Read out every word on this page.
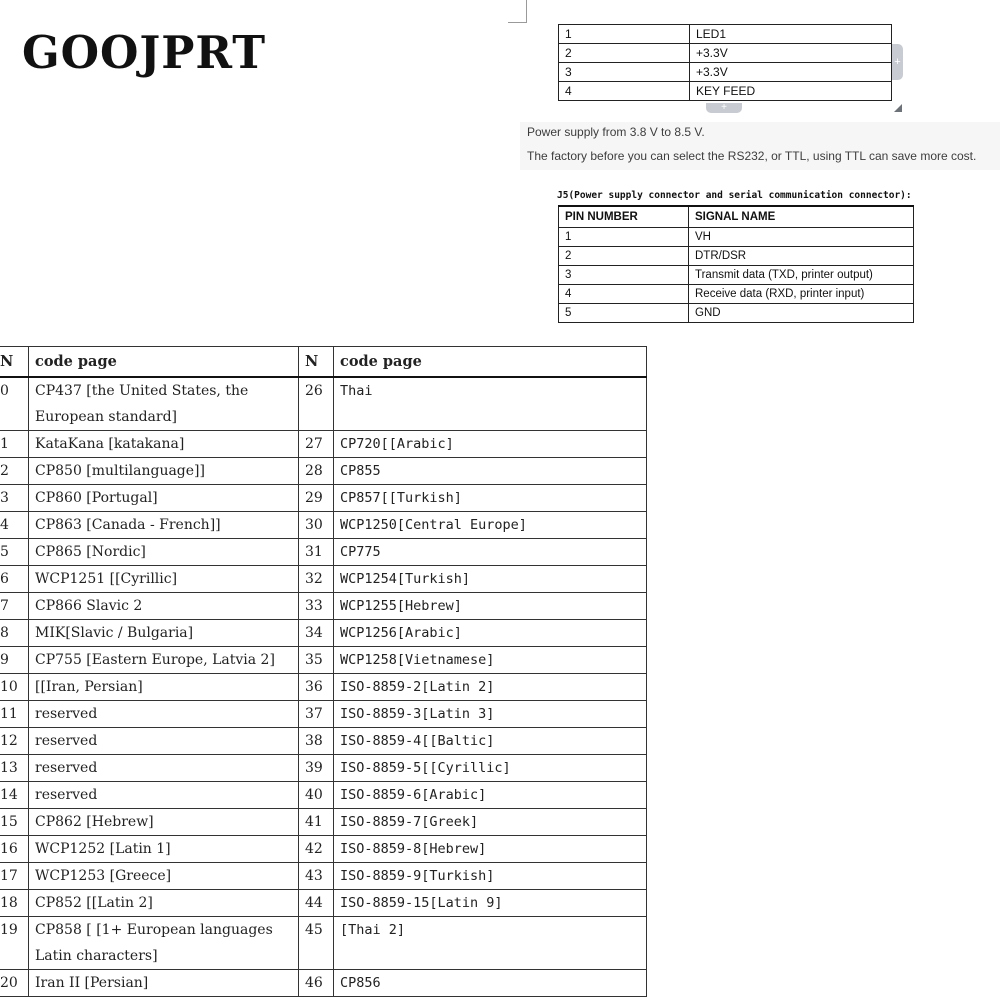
GOOJPRT	1	LED1
2	+3.3V
3	+3.3V
4	KEY FEED
+
+
Power supply from 3.8 V to 8.5 V.
The factory before you can select the RS232, or TTL, using TTL can save more cost.
J5(Power supply connector and serial communication connector):
PIN NUMBER	SIGNAL NAME
1	VH
2	DTR/DSR
3	Transmit data (TXD, printer output)
4	Receive data (RXD, printer input)
5	GND
N	code page	N	code page
0	CP437 [the United States, the European standard]	26	Thai
1	KataKana [katakana]	27	CP720[[Arabic]
2	CP850 [multilanguage]]	28	CP855
3	CP860 [Portugal]	29	CP857[[Turkish]
4	CP863 [Canada - French]]	30	WCP1250[Central Europe]
5	CP865 [Nordic]	31	CP775
6	WCP1251 [[Cyrillic]	32	WCP1254[Turkish]
7	CP866 Slavic 2	33	WCP1255[Hebrew]
8	MIK[Slavic / Bulgaria]	34	WCP1256[Arabic]
9	CP755 [Eastern Europe, Latvia 2]	35	WCP1258[Vietnamese]
10	[[Iran, Persian]	36	ISO-8859-2[Latin 2]
11	reserved	37	ISO-8859-3[Latin 3]
12	reserved	38	ISO-8859-4[[Baltic]
13	reserved	39	ISO-8859-5[[Cyrillic]
14	reserved	40	ISO-8859-6[Arabic]
15	CP862 [Hebrew]	41	ISO-8859-7[Greek]
16	WCP1252 [Latin 1]	42	ISO-8859-8[Hebrew]
17	WCP1253 [Greece]	43	ISO-8859-9[Turkish]
18	CP852 [[Latin 2]	44	ISO-8859-15[Latin 9]
19	CP858 [ [1+ European languages Latin characters]	45	[Thai 2]
20	Iran II [Persian]	46	CP856
